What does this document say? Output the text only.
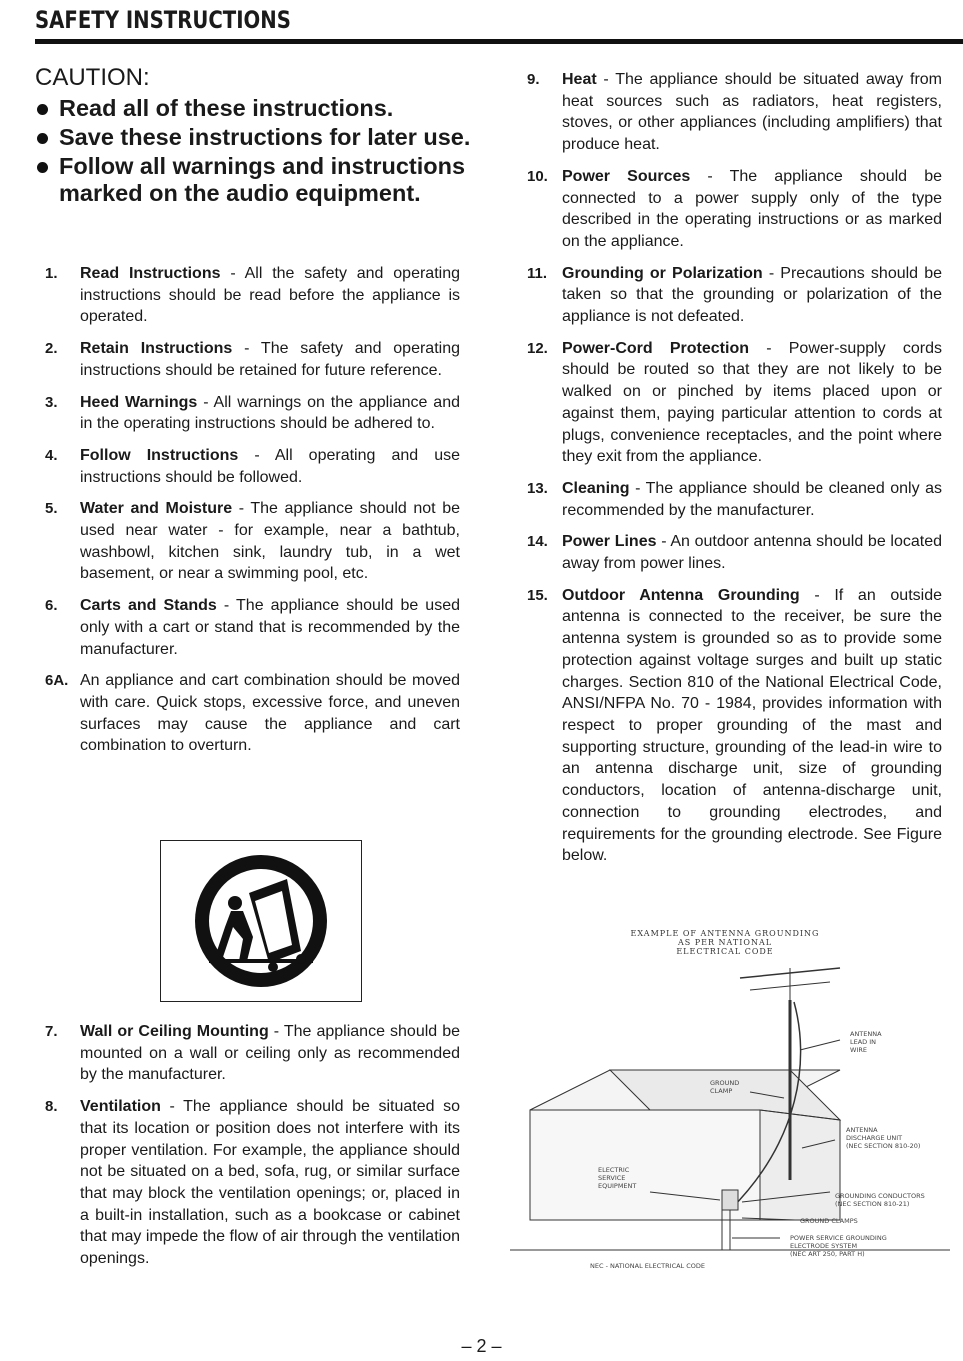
SAFETY INSTRUCTIONS
CAUTION:
Read all of these instructions.
Save these instructions for later use.
Follow all warnings and instructions marked on the audio equipment.
1. Read Instructions - All the safety and operating instructions should be read before the appliance is operated.
2. Retain Instructions - The safety and operating instructions should be retained for future reference.
3. Heed Warnings - All warnings on the appliance and in the operating instructions should be adhered to.
4. Follow Instructions - All operating and use instructions should be followed.
5. Water and Moisture - The appliance should not be used near water - for example, near a bathtub, washbowl, kitchen sink, laundry tub, in a wet basement, or near a swimming pool, etc.
6. Carts and Stands - The appliance should be used only with a cart or stand that is recommended by the manufacturer.
6A. An appliance and cart combination should be moved with care. Quick stops, excessive force, and uneven surfaces may cause the appliance and cart combination to overturn.
7. Wall or Ceiling Mounting - The appliance should be mounted on a wall or ceiling only as recommended by the manufacturer.
8. Ventilation - The appliance should be situated so that its location or position does not interfere with its proper ventilation. For example, the appliance should not be situated on a bed, sofa, rug, or similar surface that may block the ventilation openings; or, placed in a built-in installation, such as a bookcase or cabinet that may impede the flow of air through the ventilation openings.
9. Heat - The appliance should be situated away from heat sources such as radiators, heat registers, stoves, or other appliances (including amplifiers) that produce heat.
10. Power Sources - The appliance should be connected to a power supply only of the type described in the operating instructions or as marked on the appliance.
11. Grounding or Polarization - Precautions should be taken so that the grounding or polarization of the appliance is not defeated.
12. Power-Cord Protection - Power-supply cords should be routed so that they are not likely to be walked on or pinched by items placed upon or against them, paying particular attention to cords at plugs, convenience receptacles, and the point where they exit from the appliance.
13. Cleaning - The appliance should be cleaned only as recommended by the manufacturer.
14. Power Lines - An outdoor antenna should be located away from power lines.
15. Outdoor Antenna Grounding - If an outside antenna is connected to the receiver, be sure the antenna system is grounded so as to provide some protection against voltage surges and built up static charges. Section 810 of the National Electrical Code, ANSI/NFPA No. 70 - 1984, provides information with respect to proper grounding of the mast and supporting structure, grounding of the lead-in wire to an antenna discharge unit, size of grounding conductors, location of antenna-discharge unit, connection to grounding electrodes, and requirements for the grounding electrode. See Figure below.
EXAMPLE OF ANTENNA GROUNDING
AS PER NATIONAL
ELECTRICAL CODE
ANTENNA
LEAD IN
WIRE
GROUND
CLAMP
ANTENNA
DISCHARGE UNIT
(NEC SECTION 810-20)
ELECTRIC
SERVICE
EQUIPMENT
GROUNDING CONDUCTORS
(NEC SECTION 810-21)
GROUND CLAMPS
POWER SERVICE GROUNDING
ELECTRODE SYSTEM
(NEC ART 250, PART H)
NEC - NATIONAL ELECTRICAL CODE
– 2 –
